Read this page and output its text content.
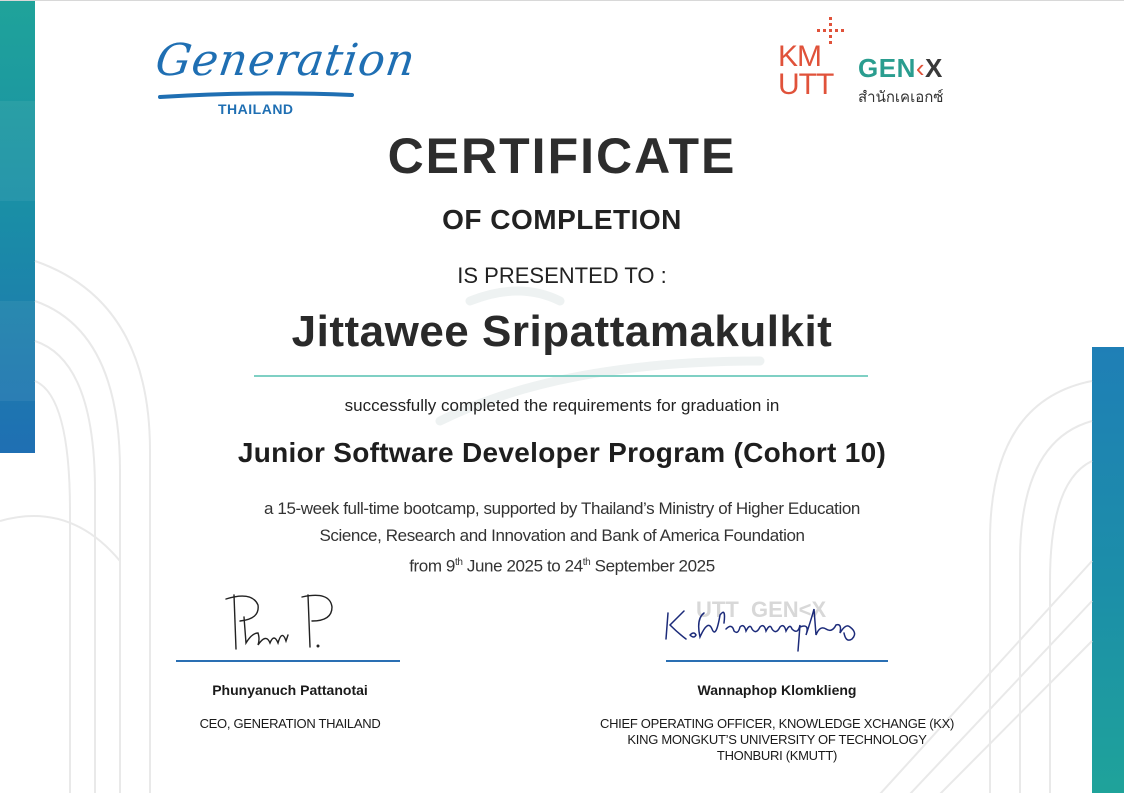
Generation
THAILAND
KM
UTT GEN‹X
สำนักเคเอกซ์
CERTIFICATE
OF COMPLETION
IS PRESENTED TO :
Jittawee Sripattamakulkit
successfully completed the requirements for graduation in
Junior Software Developer Program (Cohort 10)
a 15-week full-time bootcamp, supported by Thailand’s Ministry of Higher Education
Science, Research and Innovation and Bank of America Foundation
from 9th June 2025 to 24th September 2025
Phunyanuch Pattanotai
CEO, GENERATION THAILAND
UTT  GEN<X
Wannaphop Klomklieng
CHIEF OPERATING OFFICER, KNOWLEDGE XCHANGE (KX)
KING MONGKUT’S UNIVERSITY OF TECHNOLOGY
THONBURI (KMUTT)
